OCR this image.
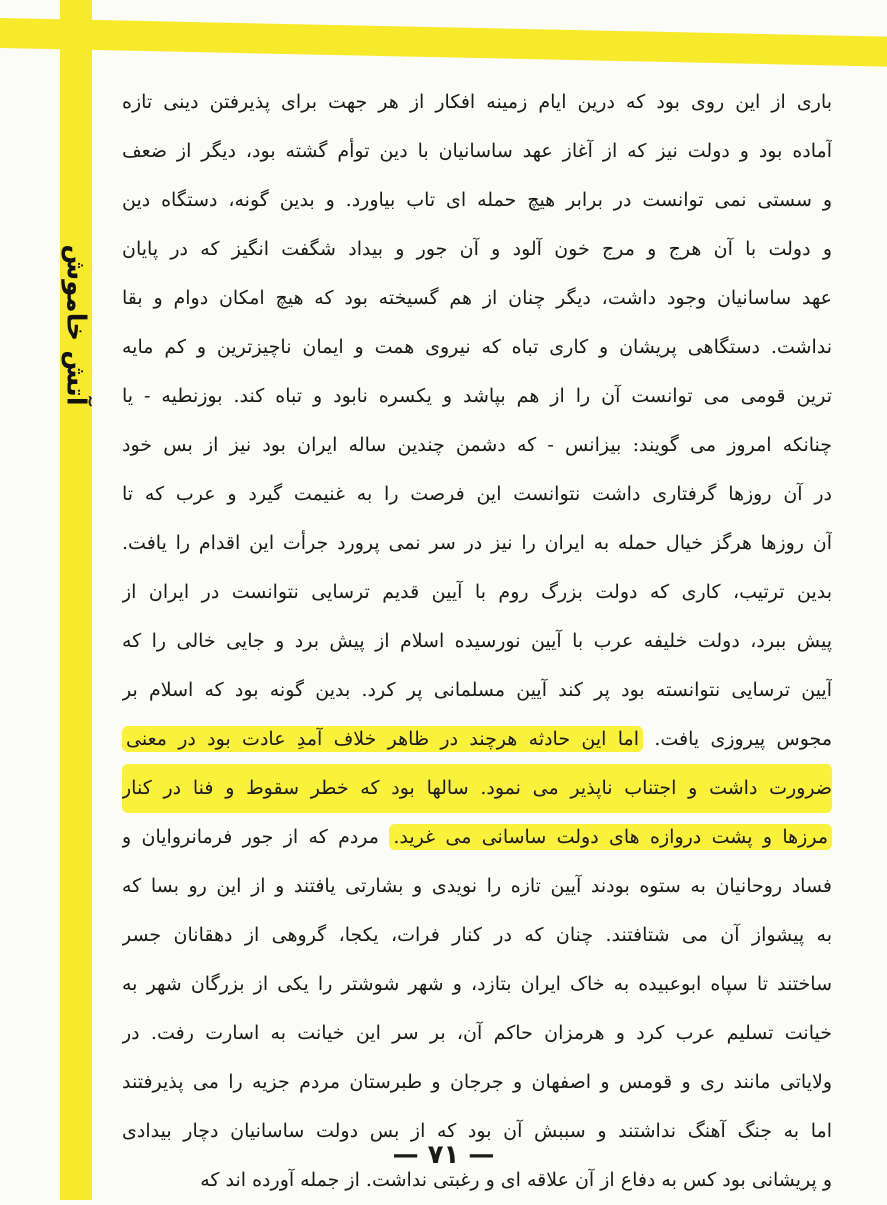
آتش خاموش
باری از این روی بود که درین ایام زمینه افکار از هر جهت برای پذیرفتن دینی تازه
آماده بود و دولت نیز که از آغاز عهد ساسانیان با دین توأم گشته بود، دیگر از ضعف
و سستی نمی توانست در برابر هیچ حمله ای تاب بیاورد. و بدین گونه، دستگاه دین
و دولت با آن هرج و مرج خون آلود و آن جور و بیداد شگفت انگیز که در پایان
عهد ساسانیان وجود داشت، دیگر چنان از هم گسیخته بود که هیچ امکان دوام و بقا
نداشت. دستگاهی پریشان و کاری تباه که نیروی همت و ایمان ناچیزترین و کم مایه
ترین قومی می توانست آن را از هم بپاشد و یکسره نابود و تباه کند. بوزنطیه - یا
چنانکه امروز می گویند: بیزانس - که دشمن چندین ساله ایران بود نیز از بس خود
در آن روزها گرفتاری داشت نتوانست این فرصت را به غنیمت گیرد و عرب که تا
آن روزها هرگز خیال حمله به ایران را نیز در سر نمی پرورد جرأت این اقدام را یافت.
بدین ترتیب، کاری که دولت بزرگ روم با آیین قدیم ترسایی نتوانست در ایران از
پیش ببرد، دولت خلیفه عرب با آیین نورسیده اسلام از پیش برد و جایی خالی را که
آیین ترسایی نتوانسته بود پر کند آیین مسلمانی پر کرد. بدین گونه بود که اسلام بر
مجوس پیروزی یافت. اما این حادثه هرچند در ظاهر خلاف آمدِ عادت بود در معنی
ضرورت داشت و اجتناب ناپذیر می نمود. سالها بود که خطر سقوط و فنا در کنار
مرزها و پشت دروازه های دولت ساسانی می غرید. مردم که از جور فرمانروایان و
فساد روحانیان به ستوه بودند آیین تازه را نویدی و بشارتی یافتند و از این رو بسا که
به پیشواز آن می شتافتند. چنان که در کنار فرات، یکجا، گروهی از دهقانان جسر
ساختند تا سپاه ابوعبیده به خاک ایران بتازد، و شهر شوشتر را یکی از بزرگان شهر به
خیانت تسلیم عرب کرد و هرمزان حاکم آن، بر سر این خیانت به اسارت رفت. در
ولایاتی مانند ری و قومس و اصفهان و جرجان و طبرستان مردم جزیه را می پذیرفتند
اما به جنگ آهنگ نداشتند و سببش آن بود که از بس دولت ساسانیان دچار بیدادی
و پریشانی بود کس به دفاع از آن علاقه ای و رغبتی نداشت. از جمله آورده اند که
— ۷۱ —
